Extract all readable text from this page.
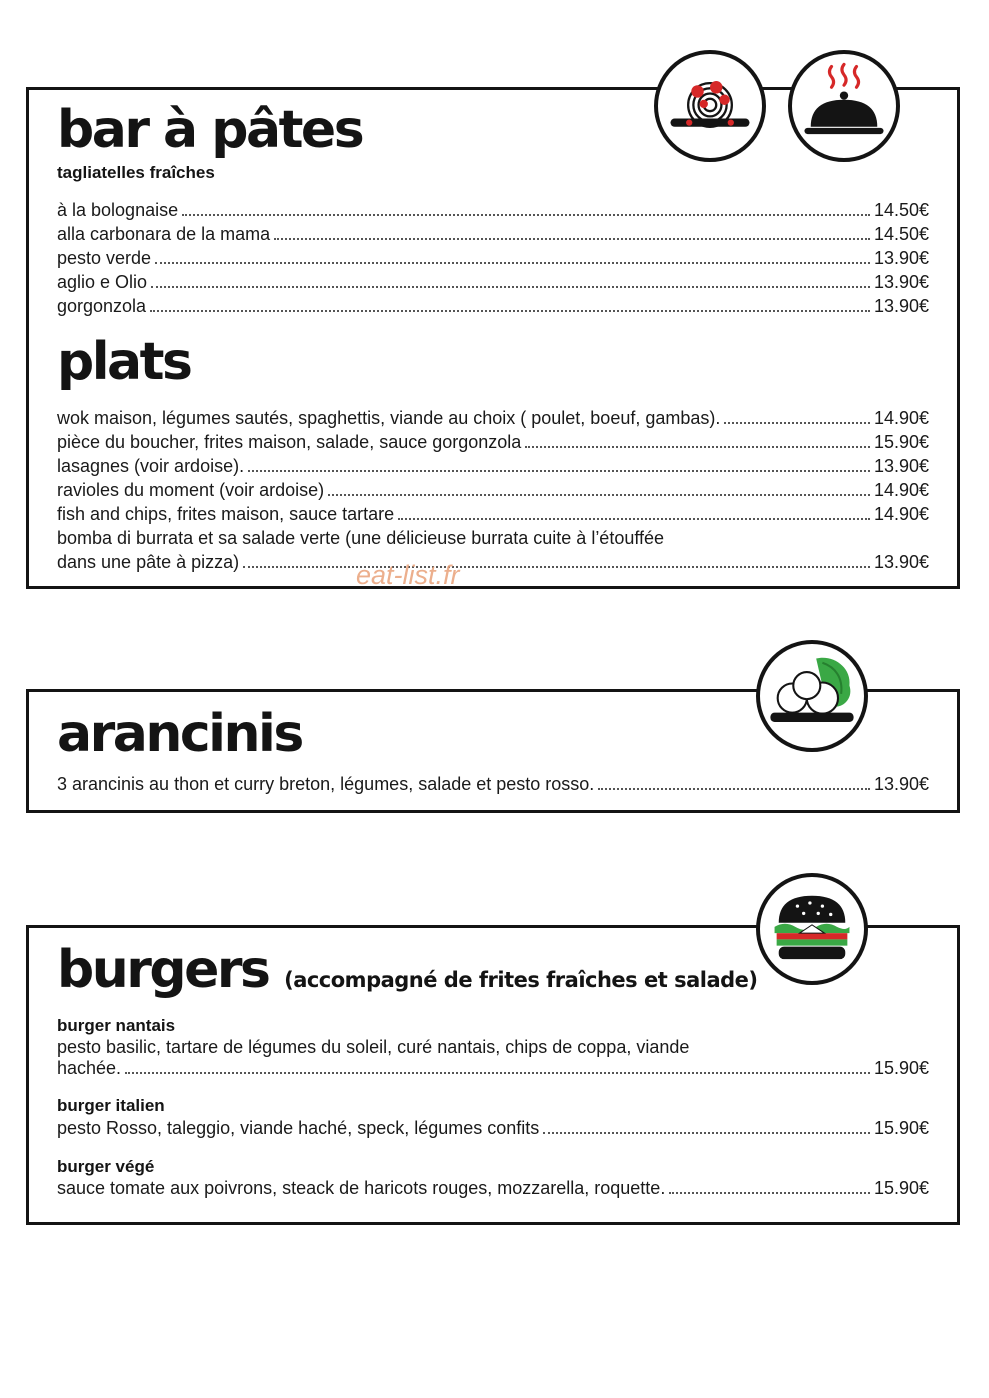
bar à pâtes
tagliatelles fraîches
à la bolognaise	14.50€
alla carbonara de la mama	14.50€
pesto verde	13.90€
aglio e Olio	13.90€
gorgonzola	13.90€
plats
wok maison, légumes sautés, spaghettis, viande au choix ( poulet, boeuf, gambas).	14.90€
pièce du boucher, frites maison, salade, sauce gorgonzola	15.90€
lasagnes (voir ardoise).	13.90€
ravioles du moment (voir ardoise)	14.90€
fish and chips, frites maison, sauce tartare	14.90€
bomba di burrata et sa salade verte (une délicieuse burrata cuite à l’étouffée
dans une pâte à pizza)	13.90€
eat-list.fr
arancinis
3 arancinis au thon et curry breton, légumes, salade et pesto rosso.	13.90€
burgers (accompagné de frites fraîches et salade)
burger nantais
pesto basilic, tartare de légumes du soleil, curé nantais, chips de coppa, viande
hachée.	15.90€
burger italien
pesto Rosso, taleggio, viande haché, speck, légumes confits	15.90€
burger végé
sauce tomate aux poivrons, steack de haricots rouges, mozzarella, roquette.	15.90€
